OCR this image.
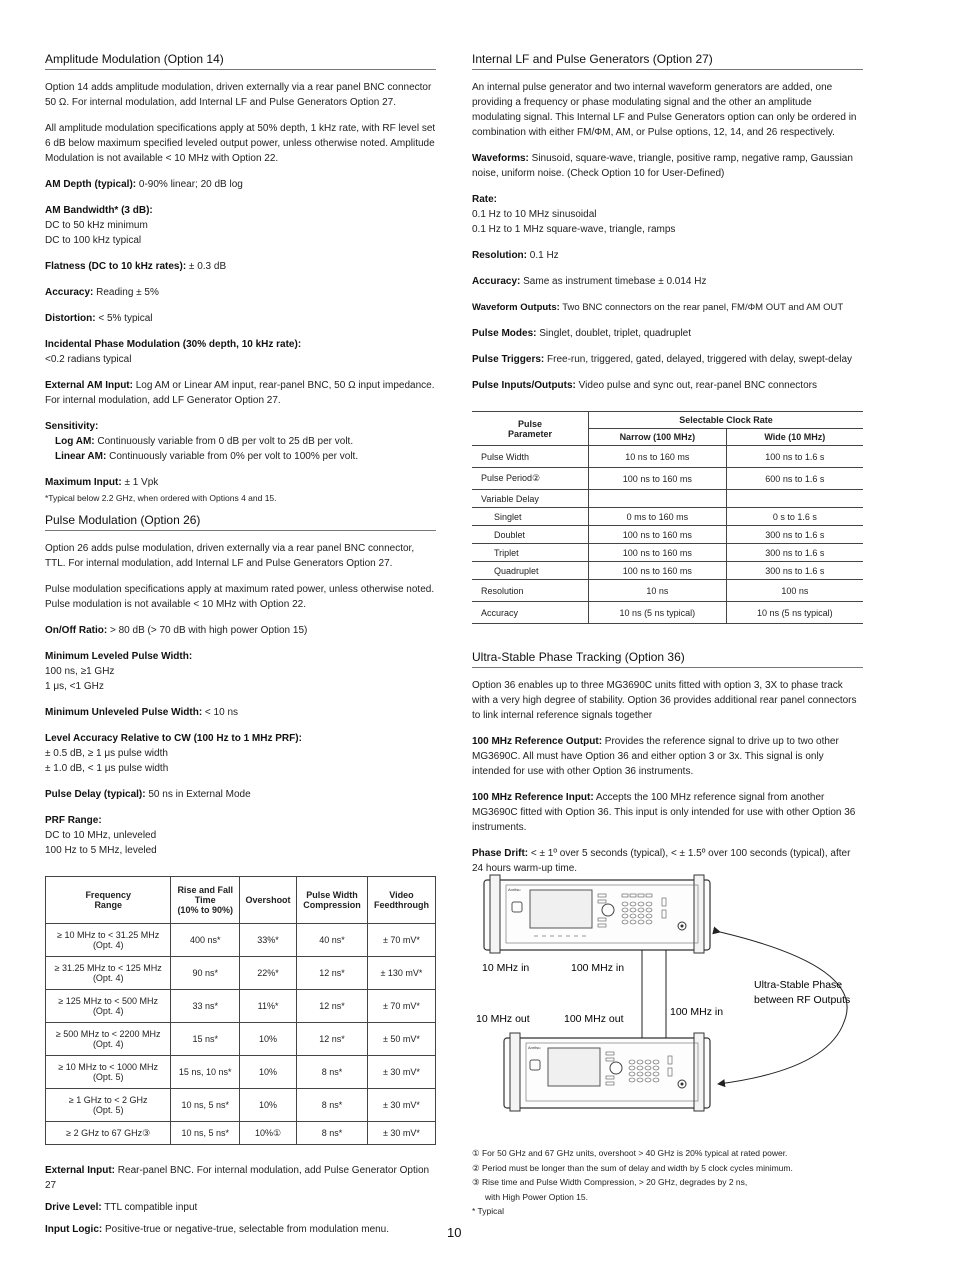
Amplitude Modulation (Option 14)
Option 14 adds amplitude modulation, driven externally via a rear panel BNC connector 50 Ω. For internal modulation, add Internal LF and Pulse Generators Option 27.
All amplitude modulation specifications apply at 50% depth, 1 kHz rate, with RF level set 6 dB below maximum specified leveled output power, unless otherwise noted. Amplitude Modulation is not available < 10 MHz with Option 22.
AM Depth (typical): 0-90% linear; 20 dB log
AM Bandwidth* (3 dB):
DC to 50 kHz minimum
DC to 100 kHz typical
Flatness (DC to 10 kHz rates): ± 0.3 dB
Accuracy: Reading ± 5%
Distortion: < 5% typical
Incidental Phase Modulation (30% depth, 10 kHz rate):
<0.2 radians typical
External AM Input: Log AM or Linear AM input, rear-panel BNC, 50 Ω input impedance. For internal modulation, add LF Generator Option 27.
Sensitivity:
Log AM: Continuously variable from 0 dB per volt to 25 dB per volt.
Linear AM: Continuously variable from 0% per volt to 100% per volt.
Maximum Input: ± 1 Vpk
*Typical below 2.2 GHz, when ordered with Options 4 and 15.
Pulse Modulation (Option 26)
Option 26 adds pulse modulation, driven externally via a rear panel BNC connector, TTL. For internal modulation, add Internal LF and Pulse Generators Option 27.
Pulse modulation specifications apply at maximum rated power, unless otherwise noted. Pulse modulation is not available < 10 MHz with Option 22.
On/Off Ratio: > 80 dB (> 70 dB with high power Option 15)
Minimum Leveled Pulse Width:
100 ns, ≥1 GHz
1 μs, <1 GHz
Minimum Unleveled Pulse Width: < 10 ns
Level Accuracy Relative to CW (100 Hz to 1 MHz PRF):
± 0.5 dB, ≥ 1 μs pulse width
± 1.0 dB, < 1 μs pulse width
Pulse Delay (typical): 50 ns in External Mode
PRF Range:
DC to 10 MHz, unleveled
100 Hz to 5 MHz, leveled
Frequency
Range	Rise and Fall
Time
(10% to 90%)	Overshoot	Pulse Width
Compression	Video
Feedthrough
≥ 10 MHz to < 31.25 MHz
(Opt. 4)	400 ns*	33%*	40 ns*	± 70 mV*
≥ 31.25 MHz to < 125 MHz
(Opt. 4)	90 ns*	22%*	12 ns*	± 130 mV*
≥ 125 MHz to < 500 MHz
(Opt. 4)	33 ns*	11%*	12 ns*	± 70 mV*
≥ 500 MHz to < 2200 MHz
(Opt. 4)	15 ns*	10%	12 ns*	± 50 mV*
≥ 10 MHz to < 1000 MHz
(Opt. 5)	15 ns, 10 ns*	10%	8 ns*	± 30 mV*
≥ 1 GHz to < 2 GHz
(Opt. 5)	10 ns, 5 ns*	10%	8 ns*	± 30 mV*
≥ 2 GHz to 67 GHz③	10 ns, 5 ns*	10%①	8 ns*	± 30 mV*
External Input: Rear-panel BNC. For internal modulation, add Pulse Generator Option 27
Drive Level: TTL compatible input
Input Logic: Positive-true or negative-true, selectable from modulation menu.
Internal LF and Pulse Generators (Option 27)
An internal pulse generator and two internal waveform generators are added, one providing a frequency or phase modulating signal and the other an amplitude modulating signal. This Internal LF and Pulse Generators option can only be ordered in combination with either FM/ΦM, AM, or Pulse options, 12, 14, and 26 respectively.
Waveforms: Sinusoid, square-wave, triangle, positive ramp, negative ramp, Gaussian noise, uniform noise. (Check Option 10 for User-Defined)
Rate:
0.1 Hz to 10 MHz sinusoidal
0.1 Hz to 1 MHz square-wave, triangle, ramps
Resolution: 0.1 Hz
Accuracy: Same as instrument timebase ± 0.014 Hz
Waveform Outputs: Two BNC connectors on the rear panel, FM/ΦM OUT and AM OUT
Pulse Modes: Singlet, doublet, triplet, quadruplet
Pulse Triggers: Free-run, triggered, gated, delayed, triggered with delay, swept-delay
Pulse Inputs/Outputs: Video pulse and sync out, rear-panel BNC connectors
Pulse
Parameter	Selectable Clock Rate	
	Narrow (100 MHz)	Wide (10 MHz)
Pulse Width	10 ns to 160 ms	100 ns to 1.6 s
Pulse Period②	100 ns to 160 ms	600 ns to 1.6 s
Variable Delay		
Singlet	0 ms to 160 ms	0 s to 1.6 s
Doublet	100 ns to 160 ms	300 ns to 1.6 s
Triplet	100 ns to 160 ms	300 ns to 1.6 s
Quadruplet	100 ns to 160 ms	300 ns to 1.6 s
Resolution	10 ns	100 ns
Accuracy	10 ns (5 ns typical)	10 ns (5 ns typical)
Ultra-Stable Phase Tracking (Option 36)
Option 36 enables up to three MG3690C units fitted with option 3, 3X to phase track with a very high degree of stability. Option 36 provides additional rear panel connectors to link internal reference signals together
100 MHz Reference Output: Provides the reference signal to drive up to two other MG3690C. All must have Option 36 and either option 3 or 3x. This signal is only intended for use with other Option 36 instruments.
100 MHz Reference Input: Accepts the 100 MHz reference signal from another MG3690C fitted with Option 36. This input is only intended for use with other Option 36 instruments.
Phase Drift: < ± 1º over 5 seconds (typical), < ± 1.5º over 100 seconds (typical), after 24 hours warm-up time.
Anritsu
Anritsu
10 MHz in	100 MHz in
10 MHz out	100 MHz out
100 MHz in
Ultra-Stable Phase
between RF Outputs
① For 50 GHz and 67 GHz units, overshoot > 40 GHz is 20% typical at rated power.
② Period must be longer than the sum of delay and width by 5 clock cycles minimum.
③ Rise time and Pulse Width Compression, > 20 GHz, degrades by 2 ns,
with High Power Option 15.
* Typical
10
